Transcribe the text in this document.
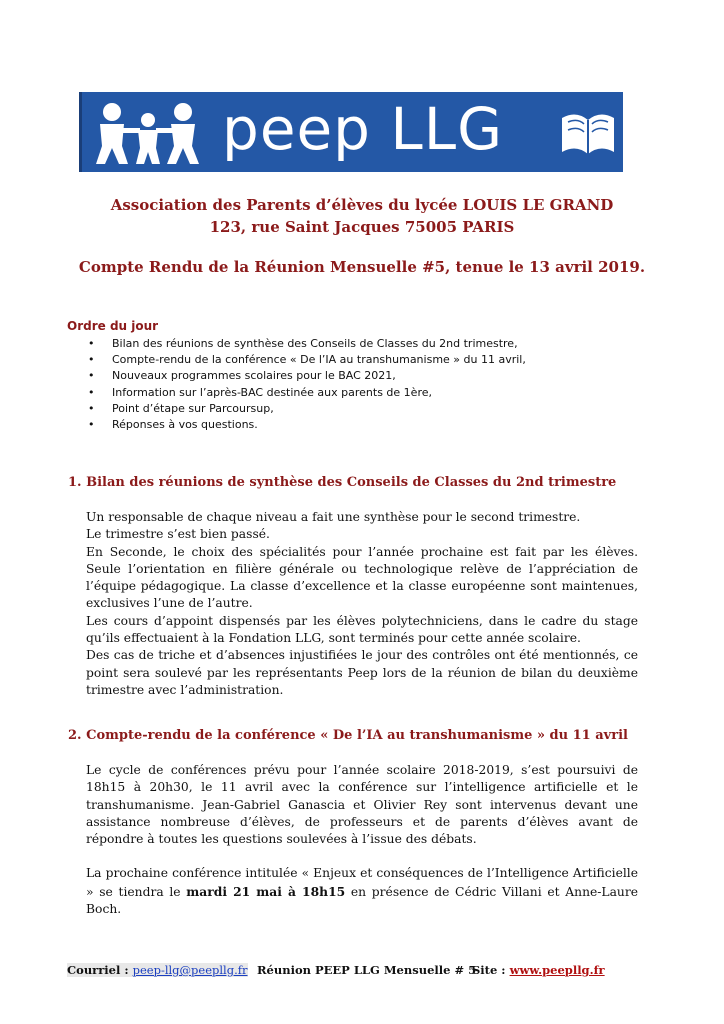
peep LLG
Association des Parents d’élèves du lycée LOUIS LE GRAND
123, rue Saint Jacques 75005 PARIS
Compte Rendu de la Réunion Mensuelle #5, tenue le 13 avril 2019.
Ordre du jour
• Bilan des réunions de synthèse des Conseils de Classes du 2nd trimestre,
• Compte-rendu de la conférence « De l’IA au transhumanisme » du 11 avril,
• Nouveaux programmes scolaires pour le BAC 2021,
• Information sur l’après-BAC destinée aux parents de 1ère,
• Point d’étape sur Parcoursup,
• Réponses à vos questions.
1. Bilan des réunions de synthèse des Conseils de Classes du 2nd trimestre

Un responsable de chaque niveau a fait une synthèse pour le second trimestre.

Le trimestre s’est bien passé.

En Seconde, le choix des spécialités pour l’année prochaine est fait par les élèves. Seule l’orientation en filière générale ou technologique relève de l’appréciation de l’équipe pédagogique. La classe d’excellence et la classe européenne sont maintenues, exclusives l’une de l’autre.

Les cours d’appoint dispensés par les élèves polytechniciens, dans le cadre du stage qu’ils effectuaient à la Fondation LLG, sont terminés pour cette année scolaire.

Des cas de triche et d’absences injustifiées le jour des contrôles ont été mentionnés, ce point sera soulevé par les représentants Peep lors de la réunion de bilan du deuxième trimestre avec l’administration.

2. Compte-rendu de la conférence « De l’IA au transhumanisme » du 11 avril

Le cycle de conférences prévu pour l’année scolaire 2018-2019, s’est poursuivi de 18h15 à 20h30, le 11 avril avec la conférence sur l’intelligence artificielle et le transhumanisme. Jean-Gabriel Ganascia et Olivier Rey sont intervenus devant une assistance nombreuse d’élèves, de professeurs et de parents d’élèves avant de répondre à toutes les questions soulevées à l’issue des débats.

La prochaine conférence intitulée « Enjeux et conséquences de l’Intelligence Artificielle » se tiendra le mardi 21 mai à 18h15 en présence de Cédric Villani et Anne-Laure Boch.

Courriel : peep-llg@peepllg.fr Réunion PEEP LLG Mensuelle # 5
Site : www.peepllg.fr
